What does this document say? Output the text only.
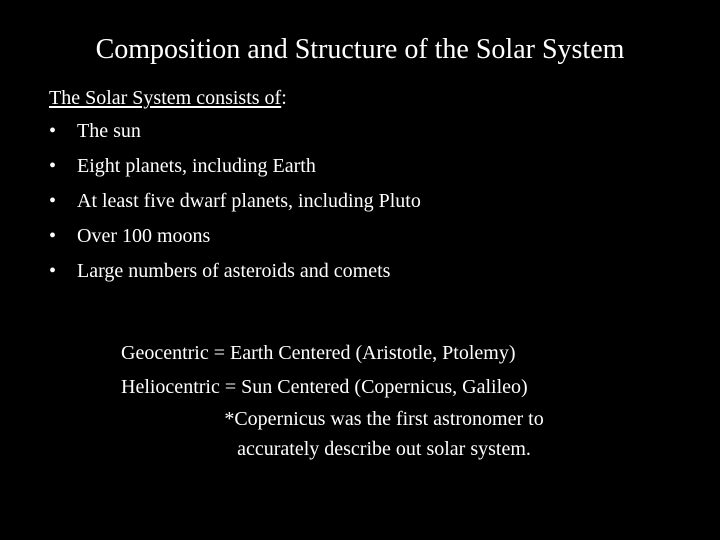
Composition and Structure of the Solar System
The Solar System consists of:
•	The sun
•	Eight planets, including Earth
•	At least five dwarf planets, including Pluto
•	Over 100 moons
•	Large numbers of asteroids and comets
Geocentric = Earth Centered (Aristotle, Ptolemy)
Heliocentric = Sun Centered (Copernicus, Galileo)
*Copernicus was the first astronomer to
accurately describe out solar system.
